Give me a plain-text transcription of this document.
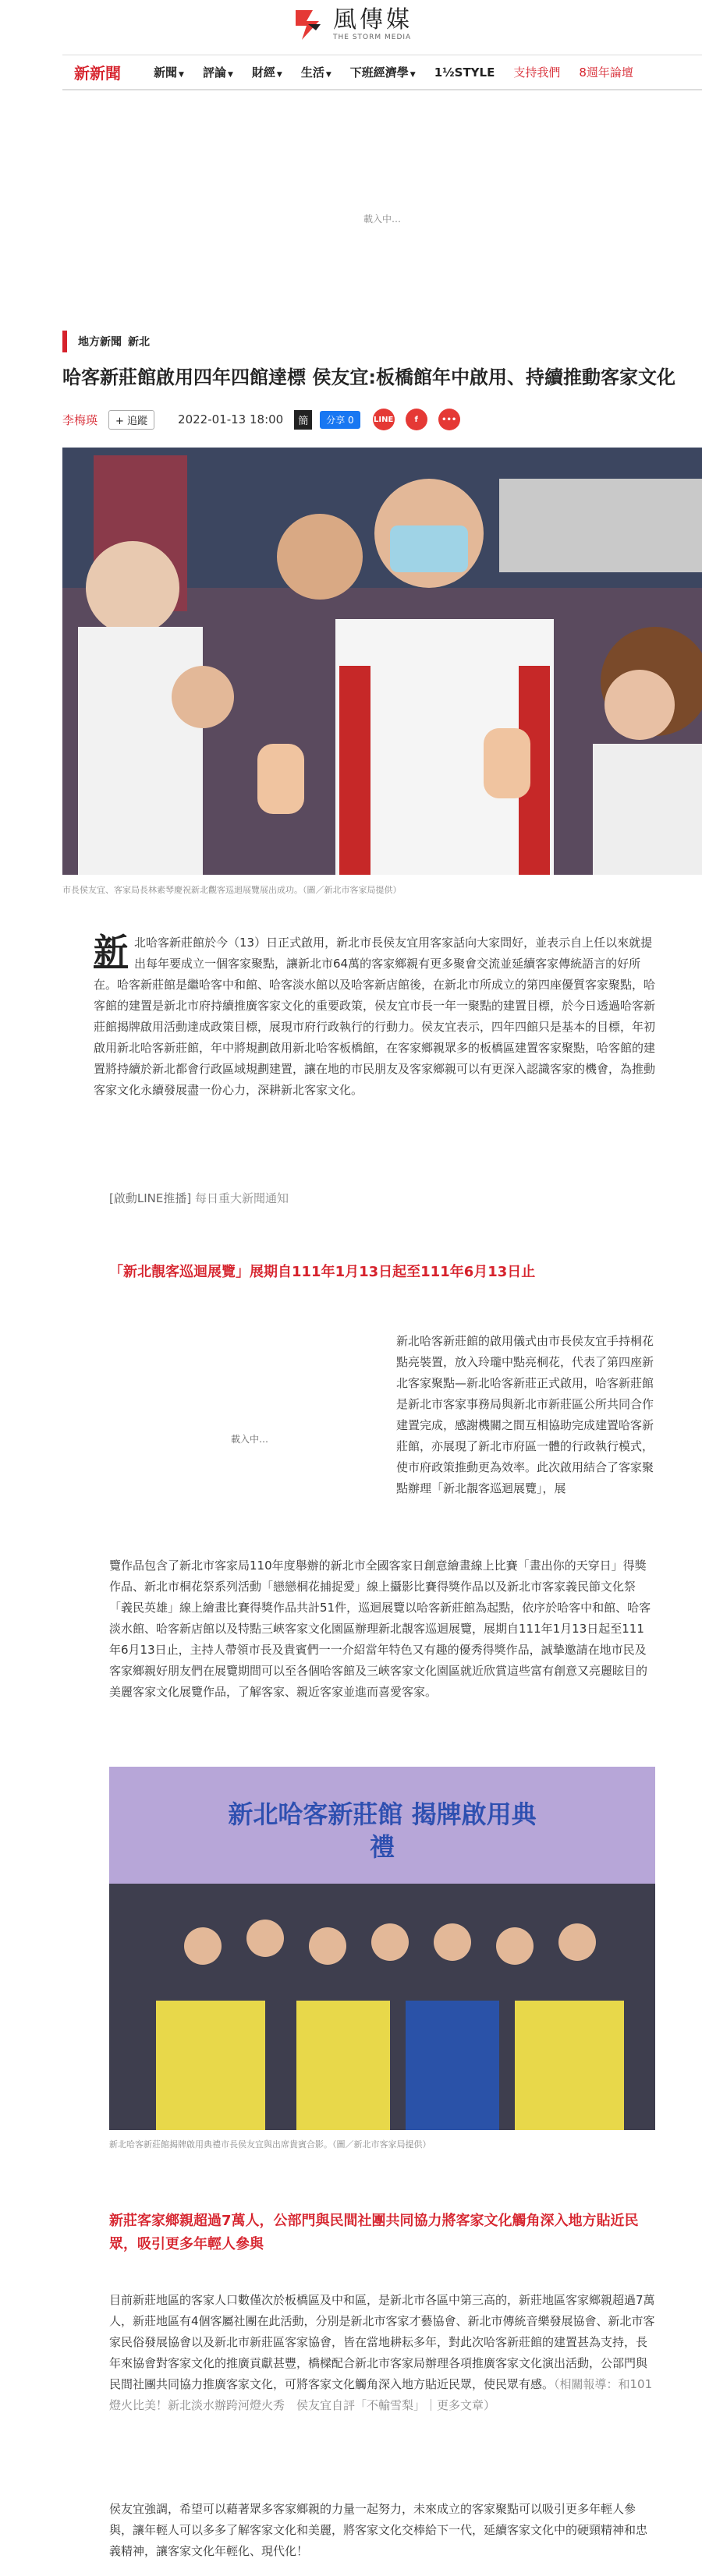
風傳媒
THE STORM MEDIA
新新聞	新聞 ▼ 評論 ▼ 財經 ▼ 生活 ▼ 下班經濟學 ▼ 1½STYLE 支持我們 8週年論壇
載入中…
地方新聞 新北
哈客新莊館啟用四年四館達標 侯友宜:板橋館年中啟用、持續推動客家文化
李梅瑛	+ 追蹤	2022-01-13 18:00	簡	分享 0	LINE	f	•••
市長侯友宜、客家局長林素琴慶祝新北觀客巡迴展覽展出成功。（圖／新北市客家局提供）
新北哈客新莊館於今（13）日正式啟用，新北市長侯友宜用客家話向大家問好，並表示自上任以來就提出每年要成立一個客家聚點，讓新北市64萬的客家鄉親有更多聚會交流並延續客家傳統語言的好所在。哈客新莊館是繼哈客中和館、哈客淡水館以及哈客新店館後，在新北市所成立的第四座優質客家聚點，哈客館的建置是新北市府持續推廣客家文化的重要政策，侯友宜市長一年一聚點的建置目標，於今日透過哈客新莊館揭牌啟用活動達成政策目標，展現市府行政執行的行動力。侯友宜表示，四年四館只是基本的目標，年初啟用新北哈客新莊館，年中將規劃啟用新北哈客板橋館，在客家鄉親眾多的板橋區建置客家聚點，哈客館的建置將持續於新北都會行政區域規劃建置，讓在地的市民朋友及客家鄉親可以有更深入認識客家的機會，為推動客家文化永續發展盡一份心力，深耕新北客家文化。
[啟動LINE推播] 每日重大新聞通知
「新北靚客巡迴展覽」展期自111年1月13日起至111年6月13日止
載入中…
新北哈客新莊館的啟用儀式由市長侯友宜手持桐花點亮裝置，放入玲瓏中點亮桐花，代表了第四座新北客家聚點—新北哈客新莊正式啟用，哈客新莊館是新北市客家事務局與新北市新莊區公所共同合作建置完成，感謝機關之間互相協助完成建置哈客新莊館，亦展現了新北市府區一體的行政執行模式，使市府政策推動更為效率。此次啟用結合了客家聚點辦理「新北靚客巡迴展覽」，展
覽作品包含了新北市客家局110年度舉辦的新北市全國客家日創意繪畫線上比賽「畫出你的天穿日」得獎作品、新北市桐花祭系列活動「戀戀桐花捕捉愛」線上攝影比賽得獎作品以及新北市客家義民節文化祭「義民英雄」線上繪畫比賽得獎作品共計51件，巡迴展覽以哈客新莊館為起點，依序於哈客中和館、哈客淡水館、哈客新店館以及特點三峽客家文化園區辦理新北靚客巡迴展覽，展期自111年1月13日起至111年6月13日止，主持人帶領市長及貴賓們一一介紹當年特色又有趣的優秀得獎作品，誠摯邀請在地市民及客家鄉親好朋友們在展覽期間可以至各個哈客館及三峽客家文化園區就近欣賞這些富有創意又亮麗眩目的美麗客家文化展覽作品，了解客家、親近客家並進而喜愛客家。
新北哈客新莊館 揭牌啟用典禮
新北哈客新莊館揭牌啟用典禮市長侯友宜與出席貴賓合影。（圖／新北市客家局提供）
新莊客家鄉親超過7萬人，公部門與民間社團共同協力將客家文化觸角深入地方貼近民眾，吸引更多年輕人參與
目前新莊地區的客家人口數僅次於板橋區及中和區，是新北市各區中第三高的，新莊地區客家鄉親超過7萬人，新莊地區有4個客屬社團在此活動，分別是新北市客家才藝協會、新北市傳統音樂發展協會、新北市客家民俗發展協會以及新北市新莊區客家協會，皆在當地耕耘多年，對此次哈客新莊館的建置甚為支持，長年來協會對客家文化的推廣貢獻甚豐，橋樑配合新北市客家局辦理各項推廣客家文化演出活動，公部門與民間社團共同協力推廣客家文化，可將客家文化觸角深入地方貼近民眾，使民眾有感。（相關報導：和101燈火比美！新北淡水辦跨河燈火秀　侯友宜自評「不輸雪梨」｜更多文章）
侯友宜強調，希望可以藉著眾多客家鄉親的力量一起努力，未來成立的客家聚點可以吸引更多年輕人參與，讓年輕人可以多多了解客家文化和美麗，將客家文化交棒給下一代，延續客家文化中的硬頸精神和忠義精神，讓客家文化年輕化、現代化！
